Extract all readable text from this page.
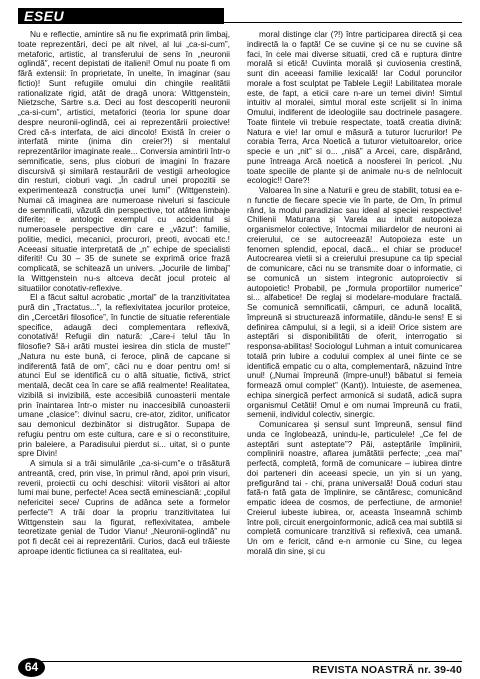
ESEU

Nu e reflectie, amintire să nu fie exprimată prin limbaj, toate reprezentări, deci pe alt nivel, al lui „ca-si-cum”, metaforic, artistic, al transferului de sens în „neuronii oglindă”, recent depistati de italieni! Omul nu poate fi om fără extensii: în proprietate, în unelte, în imaginar (sau fictio)! Sunt refugiile omului din chingile realitătii rationalizate rigid, atât de dragă unora: Wittgenstein, Nietzsche, Sartre s.a. Deci au fost descoperiti neuronii „ca-si-cum”, artistici, metaforici (teoria lor spune doar despre neuronii-oglindă, cei ai reprezentării proiective! Cred că-s interfata, de aici dincolo! Există în creier o interfată minte (inima din creier?!) si mentalul reprezentărilor imaginate reale... Conversia amintirii într-o semnificatie, sens, plus cioburi de imagini în frazare discursivă și similară restaurării de vestigii arheologice din resturi, cioburi vagi. „În cadrul unei propozitii se experimentează construcția unei lumi” (Wittgenstein). Numai că imaginea are numeroase niveluri si fascicule de semnificatii, văzută din perspective, tot atâtea limbaje diferite; e antologic exemplul cu accidentul si numeroasele perspective din care e „văzut”: familie, politie, medici, mecanici, procurori, preoti, avocati etc.! Aceeasi situatie interpretată de „n” echipe de specialisti diferiti! Cu 30 – 35 de sunete se exprimă orice frază complicată, se schitează un univers. „Jocurile de limbaj” la Wittgenstein nu-s altceva decât jocul proteic al situatiilor conotativ-reflexive.

El a făcut saltul acrobatic „mortal” de la tranzitivitatea pură din „Tractatus...”, la reflexivitatea jocurilor proteice, din „Cercetări filosofice”, în functie de situatie referentiale specifice, adaugă deci complementara reflexivă, conotativă! Refugii din natură: „Care-i telul tău în filosofie? Să-i arăti mustei iesirea din sticla de muste!” „Natura nu este bună, ci feroce, plină de capcane si indiferentă fată de om”, căci nu e doar pentru om! si atunci Eul se identifică cu o altă situatie, fictivă, strict mentală, decât cea în care se află realmente! Realitatea, vizibilă si invizibilă, este accesibilă cunoasterii mentale prin înaintarea într-o mister nu inaccesibilă cunoasterii umane „clasice”: divinul sacru, cre-ator, ziditor, unificator sau demonicul dezbinător si distrugător. Supapa de refugiu pentru om este cultura, care e si o reconstituire, prin baleiere, a Paradisului pierdut si... uitat, si o punte spre Divin!

A simula si a trăi simulările „ca-si-cum”e o trăsătură antreantă, cred, prin vise, în primul rând, apoi prin visuri, reverii, proiectii cu ochi deschisi: viitorii visători ai altor lumi mai bune, perfecte! Acea sectă eminesciană: „copilul nefericitei sece/ Cuprins de adânca sete a formelor perfecte”! A trăi doar la propriu tranzitivitatea lui Wittgenstein sau la figurat, reflexivitatea, ambele teoretizate genial de Tudor Vianu! „Neuronii-oglindă” nu pot fi decât cei ai reprezentării. Curios, dacă eul trăieste aproape identic fictiunea ca si realitatea, eul-

moral distinge clar (?!) între participarea directă și cea indirectă la o faptă! Ce se cuvine și ce nu se cuvine să faci, în cele mai diverse situatii, cred că e ruptura dintre morală si etică! Cuviinta morală și cuviosenia crestină, sunt din aceeasi familie lexicală! Iar Codul poruncilor morale a fost sculptat pe Tablele Legii! Labilitatea morale este, de fapt, a eticii care n-are un temei divin! Simtul intuitiv al moralei, simtul moral este scrijelit si în inima Omului, indiferent de ideologiile sau doctrinele pasagere. Toate fiintele vii trebuie respectate, toată creatia divină: Natura e vie! Iar omul e măsură a tuturor lucrurilor! Pe corabia Terra, Arca Noetică a tuturor vietuitoarelor, orice specie e un „nit” si o... „nisă” a Arcei, care, dispărând, pune întreaga Arcă noetică a noosferei în pericol. „Nu toate speciile de plante și de animale nu-s de neînlocuit ecologic!! Oare?!

Valoarea în sine a Naturii e greu de stabilit, totusi ea e-n functie de fiecare specie vie în parte, de Om, în primul rând, la modul paradiziac sau ideal al speciei respective! Chilienii Maturana și Varela au intuit autopoieza organismelor colective, întocmai miliardelor de neuroni ai creierului, ce se autocreează! Autopoieza este un fenomen splendid, epocal, dacă... el chiar se produce! Autocrearea vietii si a creierului presupune ca tip special de comunicare, căci nu se transmite doar o informatie, ci se comunică un sistem integronic autoproiectiv si autopoietic! Probabil, pe „formula proportiilor numerice” si... alfabetice! De reglaj si modelare-modulare fractală. Se comunică semnificatii, câmpuri, ce adună localită, împreună si structurează informatiile, dându-le sens! E si definirea câmpului, si a legii, si a ideii! Orice sistem are asteptări si disponibilităti de oferit, interrogatio si responsa-abilitas! Sociologul Luhman a intuit comunicarea totală prin lubire a codului complex al unei fiinte ce se identifică empatic cu o alta, complementară, năzuind între unul! („Numai împreună (împre-unul!) băbatul si femeia formează omul complet” (Kant)). Intuieste, de asemenea, echipa sinergică perfect armonică si sudată, adică supra organismul Cetătii! Omul e om numai împreună cu fratii, semenii, individul colectiv, sinergic.

Comunicarea și sensul sunt împreună, sensul fiind unda ce înglobează, unindu-le, particulele! „Ce fel de asteptări sunt asteptate”? Păi, asteptările împlinirii, complinirii noastre, aflarea jumătătii perfecte; „cea mai” perfectă, completă, formă de comunicare – iubirea dintre doi parteneri din aceeasi specie, un yin si un yang, prefigurând tai - chi, prana universală! Două coduri stau fată-n fată gata de împlinire, se cântăresc, comunicând empatic ideea de cosmos, de perfectiune, de armonie! Creierul iubeste iubirea, or, aceasta înseamnă schimb între poli, circuit energoinformonic, adică cea mai subtilă si completă comunicare tranzitivă si reflexivă, cea umană. Un om e fericit, când e-n armonie cu Sine, cu legea morală din sine, și cu

64	REVISTA NOASTRĂ nr. 39-40
